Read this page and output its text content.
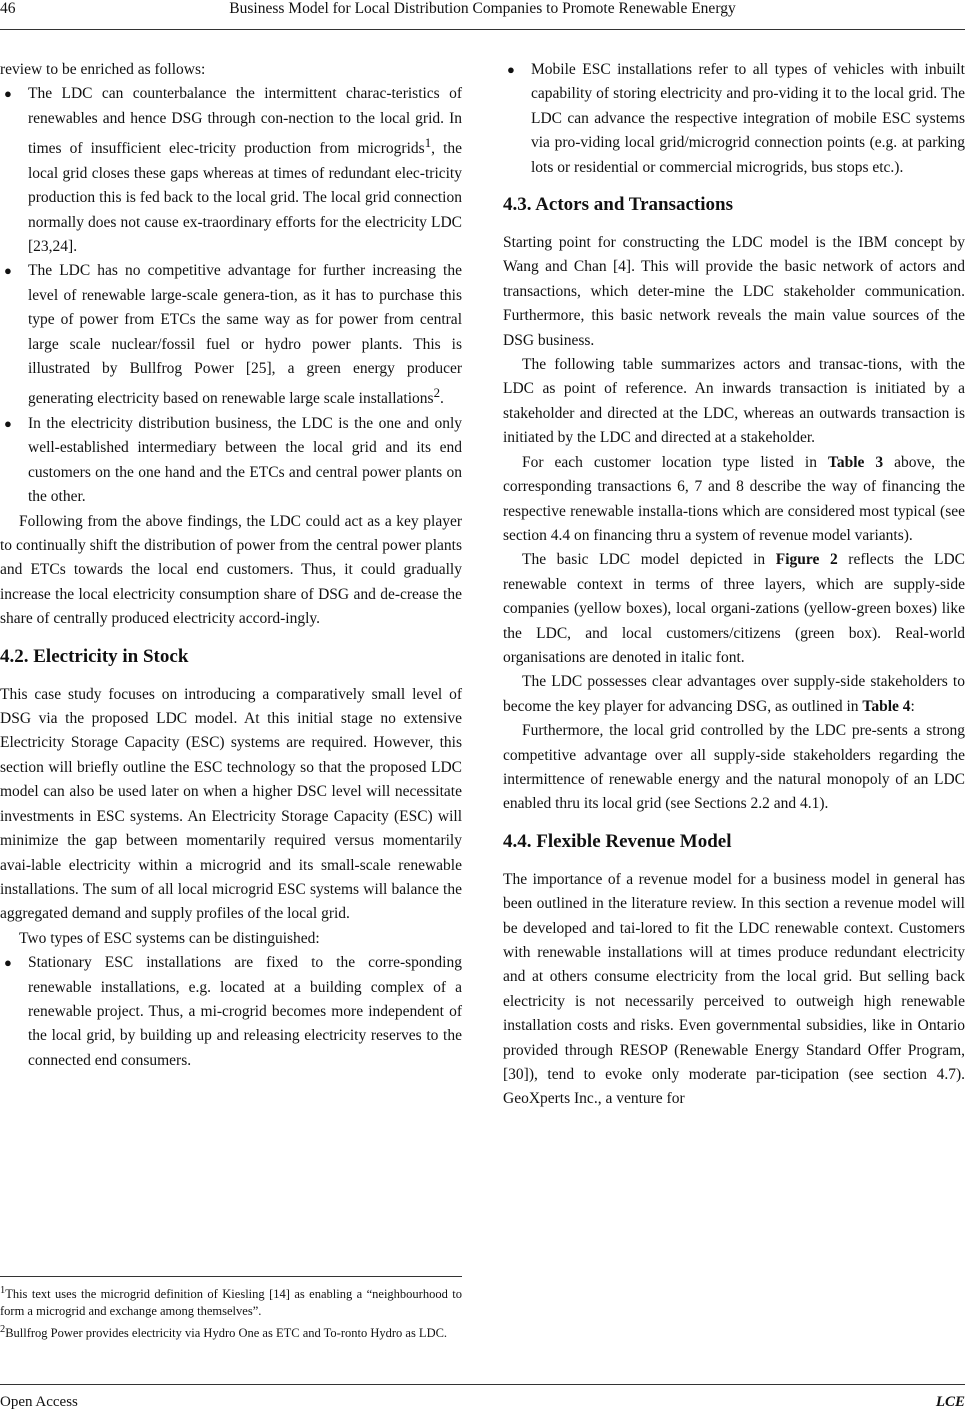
46	Business Model for Local Distribution Companies to Promote Renewable Energy

review to be enriched as follows:

● The LDC can counterbalance the intermittent charac-teristics of renewables and hence DSG through con-nection to the local grid. In times of insufficient elec-tricity production from microgrids$^1$, the local grid closes these gaps whereas at times of redundant elec-tricity production this is fed back to the local grid. The local grid connection normally does not cause ex-traordinary efforts for the electricity LDC [23,24].
● The LDC has no competitive advantage for further increasing the level of renewable large-scale genera-tion, as it has to purchase this type of power from ETCs the same way as for power from central large scale nuclear/fossil fuel or hydro power plants. This is illustrated by Bullfrog Power [25], a green energy producer generating electricity based on renewable large scale installations$^2$.
● In the electricity distribution business, the LDC is the one and only well-established intermediary between the local grid and its end customers on the one hand and the ETCs and central power plants on the other.

Following from the above findings, the LDC could act as a key player to continually shift the distribution of power from the central power plants and ETCs towards the local end customers. Thus, it could gradually increase the local electricity consumption share of DSG and de-crease the share of centrally produced electricity accord-ingly.

4.2. Electricity in Stock

This case study focuses on introducing a comparatively small level of DSG via the proposed LDC model. At this initial stage no extensive Electricity Storage Capacity (ESC) systems are required. However, this section will briefly outline the ESC technology so that the proposed LDC model can also be used later on when a higher DSC level will necessitate investments in ESC systems. An Electricity Storage Capacity (ESC) will minimize the gap between momentarily required versus momentarily avai-lable electricity within a microgrid and its small-scale renewable installations. The sum of all local microgrid ESC systems will balance the aggregated demand and supply profiles of the local grid.

Two types of ESC systems can be distinguished:

● Stationary ESC installations are fixed to the corre-sponding renewable installations, e.g. located at a building complex of a renewable project. Thus, a mi-crogrid becomes more independent of the local grid, by building up and releasing electricity reserves to the connected end consumers.

$^1$This text uses the microgrid definition of Kiesling [14] as enabling a “neighbourhood to form a microgrid and exchange among themselves”.

$^2$Bullfrog Power provides electricity via Hydro One as ETC and To-ronto Hydro as LDC.

● Mobile ESC installations refer to all types of vehicles with inbuilt capability of storing electricity and pro-viding it to the local grid. The LDC can advance the respective integration of mobile ESC systems via pro-viding local grid/microgrid connection points (e.g. at parking lots or residential or commercial microgrids, bus stops etc.).
4.3. Actors and Transactions

Starting point for constructing the LDC model is the IBM concept by Wang and Chan [4]. This will provide the basic network of actors and transactions, which deter-mine the LDC stakeholder communication. Furthermore, this basic network reveals the main value sources of the DSG business.

The following table summarizes actors and transac-tions, with the LDC as point of reference. An inwards transaction is initiated by a stakeholder and directed at the LDC, whereas an outwards transaction is initiated by the LDC and directed at a stakeholder.

For each customer location type listed in Table 3 above, the corresponding transactions 6, 7 and 8 describe the way of financing the respective renewable installa-tions which are considered most typical (see section 4.4 on financing thru a system of revenue model variants).

The basic LDC model depicted in Figure 2 reflects the LDC renewable context in terms of three layers, which are supply-side companies (yellow boxes), local organi-zations (yellow-green boxes) like the LDC, and local customers/citizens (green box). Real-world organisations are denoted in italic font.

The LDC possesses clear advantages over supply-side stakeholders to become the key player for advancing DSG, as outlined in Table 4:

Furthermore, the local grid controlled by the LDC pre-sents a strong competitive advantage over all supply-side stakeholders regarding the intermittence of renewable energy and the natural monopoly of an LDC enabled thru its local grid (see Sections 2.2 and 4.1).

4.4. Flexible Revenue Model

The importance of a revenue model for a business model in general has been outlined in the literature review. In this section a revenue model will be developed and tai-lored to fit the LDC renewable context. Customers with renewable installations will at times produce redundant electricity and at others consume electricity from the local grid. But selling back electricity is not necessarily perceived to outweigh high renewable installation costs and risks. Even governmental subsidies, like in Ontario provided through RESOP (Renewable Energy Standard Offer Program, [30]), tend to evoke only moderate par-ticipation (see section 4.7). GeoXperts Inc., a venture for

Open Access	LCE
